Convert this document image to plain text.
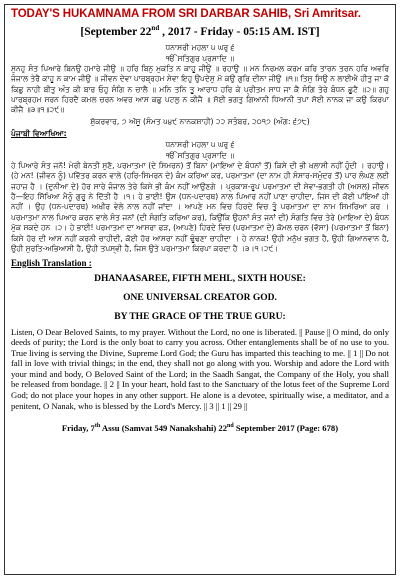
TODAY'S HUKAMNAMA FROM SRI DARBAR SAHIB, Sri Amritsar.
[September 22nd , 2017 - Friday - 05:15 AM. IST]
ਧਨਾਸਰੀ ਮਹਲਾ ੫ ਘਰੁ ੬
ੴ ਸਤਿਗੁਰ ਪ੍ਰਸਾਦਿ ॥
ਸੁਨਹੁ ਸੰਤ ਪਿਆਰੇ ਬਿਨਉ ਹਮਾਰੇ ਜੀਉ ॥ ਹਰਿ ਬਿਨੁ ਮੁਕਤਿ ਨ ਕਾਹੂ ਜੀਉ ॥ ਰਹਾਉ ॥ ਮਨ ਨਿਰਮਲ ਕਰਮ ਕਰਿ ਤਾਰਨ ਤਰਨ ਹਰਿ ਅਵਰਿ ਜੰਜਾਲ ਤੇਰੈ ਕਾਹੂ ਨ ਕਾਮ ਜੀਉ ॥ ਜੀਵਨ ਦੇਵਾ ਪਾਰਬ੍ਰਹਮ ਸੇਵਾ ਇਹੁ ਉਪਦੇਸੁ ਮੋ ਕਉ ਗੁਰਿ ਦੀਨਾ ਜੀਉ ॥੧॥ ਤਿਸੁ ਸਿਉ ਨ ਲਾਈਐ ਹੀਤੁ ਜਾ ਕੋ ਕਿਛੁ ਨਾਹੀ ਬੀਤੁ ਅੰਤ ਕੀ ਬਾਰ ਓਹੁ ਸੰਗਿ ਨ ਚਾਲੈ ॥ ਮਨਿ ਤਨਿ ਤੂ ਆਰਾਧ ਹਰਿ ਕੇ ਪ੍ਰੀਤਮ ਸਾਧ ਜਾ ਕੈ ਸੰਗਿ ਤੇਰੇ ਬੰਧਨ ਛੂਟੈ ॥੨॥ ਗਹੁ ਪਾਰਬ੍ਰਹਮ ਸਰਨ ਹਿਰਦੈ ਕਮਲ ਚਰਨ ਅਵਰ ਆਸ ਕਛੁ ਪਟਲੁ ਨ ਕੀਜੈ ॥ ਸੋਈ ਭਗਤੁ ਗਿਆਨੀ ਧਿਆਨੀ ਤਪਾ ਸੋਈ ਨਾਨਕ ਜਾ ਕਉ ਕਿਰਪਾ ਕੀਜੈ ॥੩॥੧॥੨੯॥
ਸ਼ੁੱਕਰਵਾਰ, ੭ ਅੱਸੂ (ਸੰਮਤ ੫੪੯ ਨਾਨਕਸ਼ਾਹੀ) ੨੨ ਸਤੰਬਰ, ੨੦੧੭ (ਅੰਗ: ੬੭੮)
ਪੰਜਾਬੀ ਵਿਆਖਿਆ:
ਧਨਾਸਰੀ ਮਹਲਾ ੫ ਘਰੁ ੬
ੴ ਸਤਿਗੁਰ ਪ੍ਰਸਾਦਿ ॥
ਹੇ ਪਿਆਰੇ ਸੰਤ ਜਨੋ! ਮੇਰੀ ਬੇਨਤੀ ਸੁਣੋ, ਪਰਮਾਤਮਾ (ਦੇ ਸਿਮਰਨ) ਤੋਂ ਬਿਨਾ (ਮਾਇਆ ਦੇ ਬੰਧਨਾਂ ਤੋਂ) ਕਿਸੇ ਦੀ ਭੀ ਖ਼ਲਾਸੀ ਨਹੀਂ ਹੁੰਦੀ । ਰਹਾਉ।(ਹੇ ਮਨ! (ਜੀਵਨ ਨੂੰ) ਪਵਿੱਤਰ ਕਰਨ ਵਾਲੇ (ਹਰਿ-ਸਿਮਰਨ ਦੇ) ਕੰਮ ਕਰਿਆ ਕਰ, ਪਰਮਾਤਮਾ (ਦਾ ਨਾਮ ਹੀ ਸੰਸਾਰ-ਸਮੁੰਦਰ ਤੋਂ) ਪਾਰ ਲੰਘਣ ਲਈ ਜਹਾਜ਼ ਹੈ । (ਦੁਨੀਆ ਦੇ) ਹੋਰ ਸਾਰੇ ਜੰਜਾਲ ਤੇਰੇ ਕਿਸੇ ਭੀ ਕੰਮ ਨਹੀਂ ਆਉਣਗੇ । ਪ੍ਰਕਾਸ਼-ਰੂਪ ਪਰਮਾਤਮਾ ਦੀ ਸੇਵਾ-ਭਗਤੀ ਹੀ (ਅਸਲ) ਜੀਵਨ ਹੈ—ਇਹ ਸਿੱਖਿਆ ਮੈਨੂੰ ਗੁਰੂ ਨੇ ਦਿੱਤੀ ਹੈ ।੧। ਹੇ ਭਾਈ! ਉਸ (ਧਨ-ਪਦਾਰਥ) ਨਾਲ ਪਿਆਰ ਨਹੀਂ ਪਾਣਾ ਚਾਹੀਦਾ, ਜਿਸ ਦੀ ਕੋਈ ਪਾਂਇਆਂ ਹੀ ਨਹੀਂ । ਉਹ (ਧਨ-ਪਦਾਰਥ) ਅਖ਼ੀਰ ਵੇਲੇ ਨਾਲ ਨਹੀਂ ਜਾਂਦਾ । ਆਪਣੇ ਮਨ ਵਿਚ ਹਿਰਦੇ ਵਿਚ ਤੂੰ ਪਰਮਾਤਮਾ ਦਾ ਨਾਮ ਸਿਮਰਿਆ ਕਰ । ਪਰਮਾਤਮਾ ਨਾਲ ਪਿਆਰ ਕਰਨ ਵਾਲੇ ਸੰਤ ਜਨਾਂ (ਦੀ ਸੰਗਤਿ ਕਰਿਆ ਕਰ), ਕਿਉਂਕਿ ਉਹਨਾਂ ਸੰਤ ਜਨਾਂ ਦੀ) ਸੰਗਤਿ ਵਿਚ ਤੇਰੇ (ਮਾਇਆ ਦੇ) ਬੰਧਨ ਮੁੱਕ ਸਕਦੇ ਹਨ ।੨। ਹੇ ਭਾਈ! ਪਰਮਾਤਮਾ ਦਾ ਆਸਰਾ ਫੜ, (ਆਪਣੇ) ਹਿਰਦੇ ਵਿਚ (ਪਰਮਾਤਮਾ ਦੇ) ਕੋਮਲ ਚਰਨ (ਵੱਸਾ) (ਪਰਮਾਤਮਾ ਤੋਂ ਬਿਨਾ) ਕਿਸੇ ਹੋਰ ਦੀ ਆਸ ਨਹੀਂ ਕਰਨੀ ਚਾਹੀਦੀ, ਕੋਈ ਹੋਰ ਆਸਰਾ ਨਹੀਂ ਢੂੰਢਣਾ ਚਾਹੀਦਾ । ਹੇ ਨਾਨਕ! ਉਹੀ ਮਨੁੱਖ ਭਗਤ ਹੈ, ਉਹੀ ਗਿਆਨਵਾਨ ਹੈ, ਉਹੀ ਸੁਰਤਿ-ਅਭਿਆਸੀ ਹੈ, ਉਹੀ ਤਪਸ੍ਵੀ ਹੈ, ਜਿਸ ਉਤੇ ਪਰਮਾਤਮਾ ਕਿਰਪਾ ਕਰਦਾ ਹੈ ।੩।੧।੨੯।
English Translation :
DHANAASAREE, FIFTH MEHL, SIXTH HOUSE:
ONE UNIVERSAL CREATOR GOD.
BY THE GRACE OF THE TRUE GURU:
Listen, O Dear Beloved Saints, to my prayer. Without the Lord, no one is liberated. || Pause || O mind, do only deeds of purity; the Lord is the only boat to carry you across. Other entanglements shall be of no use to you. True living is serving the Divine, Supreme Lord God; the Guru has imparted this teaching to me. || 1 || Do not fall in love with trivial things; in the end, they shall not go along with you. Worship and adore the Lord with your mind and body, O Beloved Saint of the Lord; in the Saadh Sangat, the Company of the Holy, you shall be released from bondage. || 2 || In your heart, hold fast to the Sanctuary of the lotus feet of the Supreme Lord God; do not place your hopes in any other support. He alone is a devotee, spiritually wise, a meditator, and a penitent, O Nanak, who is blessed by the Lord's Mercy. || 3 || 1 || 29 ||
Friday, 7th Assu (Samvat 549 Nanakshahi) 22nd September 2017 (Page: 678)
